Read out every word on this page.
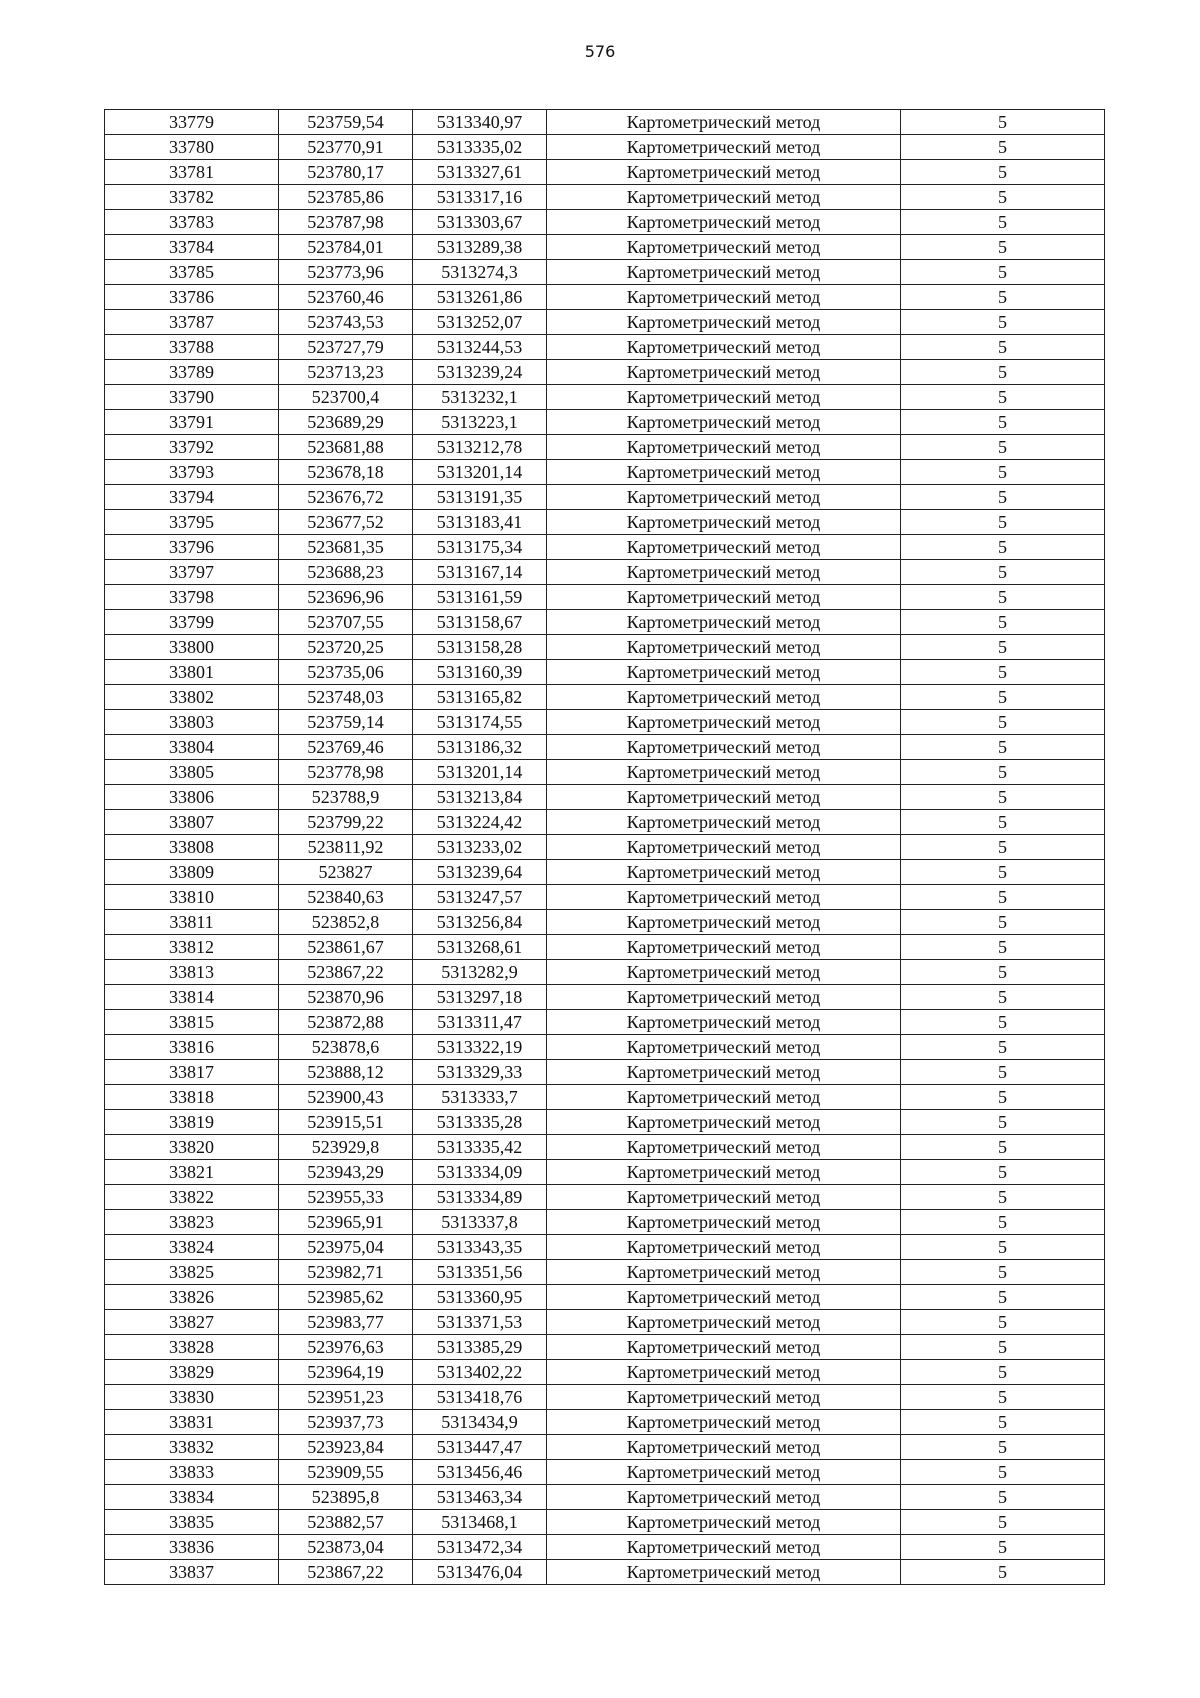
576
33779	523759,54	5313340,97	Картометрический метод	5
33780	523770,91	5313335,02	Картометрический метод	5
33781	523780,17	5313327,61	Картометрический метод	5
33782	523785,86	5313317,16	Картометрический метод	5
33783	523787,98	5313303,67	Картометрический метод	5
33784	523784,01	5313289,38	Картометрический метод	5
33785	523773,96	5313274,3	Картометрический метод	5
33786	523760,46	5313261,86	Картометрический метод	5
33787	523743,53	5313252,07	Картометрический метод	5
33788	523727,79	5313244,53	Картометрический метод	5
33789	523713,23	5313239,24	Картометрический метод	5
33790	523700,4	5313232,1	Картометрический метод	5
33791	523689,29	5313223,1	Картометрический метод	5
33792	523681,88	5313212,78	Картометрический метод	5
33793	523678,18	5313201,14	Картометрический метод	5
33794	523676,72	5313191,35	Картометрический метод	5
33795	523677,52	5313183,41	Картометрический метод	5
33796	523681,35	5313175,34	Картометрический метод	5
33797	523688,23	5313167,14	Картометрический метод	5
33798	523696,96	5313161,59	Картометрический метод	5
33799	523707,55	5313158,67	Картометрический метод	5
33800	523720,25	5313158,28	Картометрический метод	5
33801	523735,06	5313160,39	Картометрический метод	5
33802	523748,03	5313165,82	Картометрический метод	5
33803	523759,14	5313174,55	Картометрический метод	5
33804	523769,46	5313186,32	Картометрический метод	5
33805	523778,98	5313201,14	Картометрический метод	5
33806	523788,9	5313213,84	Картометрический метод	5
33807	523799,22	5313224,42	Картометрический метод	5
33808	523811,92	5313233,02	Картометрический метод	5
33809	523827	5313239,64	Картометрический метод	5
33810	523840,63	5313247,57	Картометрический метод	5
33811	523852,8	5313256,84	Картометрический метод	5
33812	523861,67	5313268,61	Картометрический метод	5
33813	523867,22	5313282,9	Картометрический метод	5
33814	523870,96	5313297,18	Картометрический метод	5
33815	523872,88	5313311,47	Картометрический метод	5
33816	523878,6	5313322,19	Картометрический метод	5
33817	523888,12	5313329,33	Картометрический метод	5
33818	523900,43	5313333,7	Картометрический метод	5
33819	523915,51	5313335,28	Картометрический метод	5
33820	523929,8	5313335,42	Картометрический метод	5
33821	523943,29	5313334,09	Картометрический метод	5
33822	523955,33	5313334,89	Картометрический метод	5
33823	523965,91	5313337,8	Картометрический метод	5
33824	523975,04	5313343,35	Картометрический метод	5
33825	523982,71	5313351,56	Картометрический метод	5
33826	523985,62	5313360,95	Картометрический метод	5
33827	523983,77	5313371,53	Картометрический метод	5
33828	523976,63	5313385,29	Картометрический метод	5
33829	523964,19	5313402,22	Картометрический метод	5
33830	523951,23	5313418,76	Картометрический метод	5
33831	523937,73	5313434,9	Картометрический метод	5
33832	523923,84	5313447,47	Картометрический метод	5
33833	523909,55	5313456,46	Картометрический метод	5
33834	523895,8	5313463,34	Картометрический метод	5
33835	523882,57	5313468,1	Картометрический метод	5
33836	523873,04	5313472,34	Картометрический метод	5
33837	523867,22	5313476,04	Картометрический метод	5
